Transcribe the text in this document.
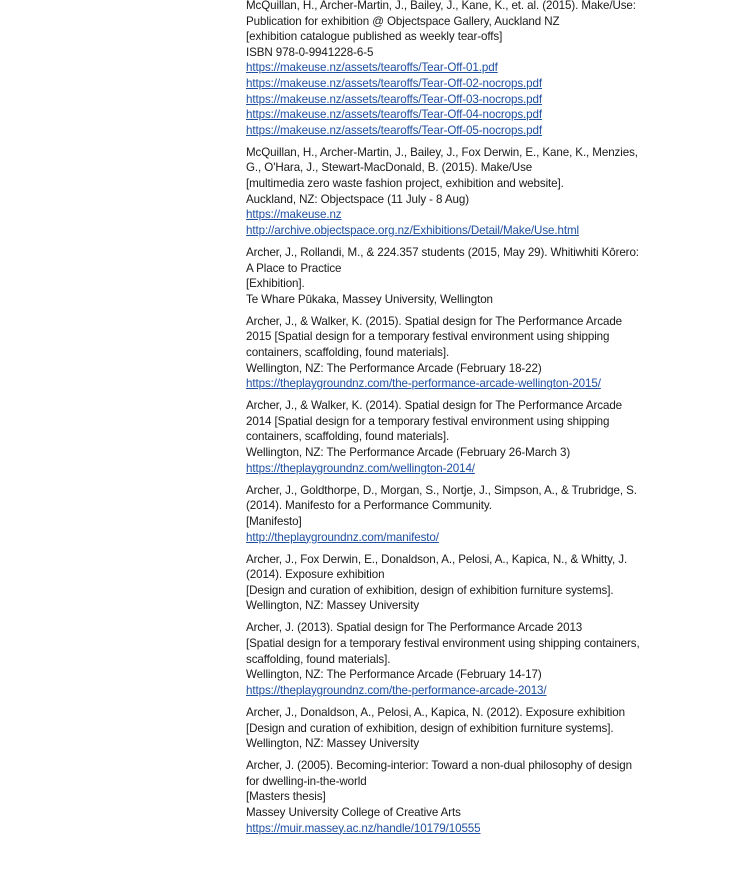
McQuillan, H., Archer-Martin, J., Bailey, J., Kane, K., et. al. (2015). Make/Use:
Publication for exhibition @ Objectspace Gallery, Auckland NZ
[exhibition catalogue published as weekly tear-offs]
ISBN 978-0-9941228-6-5
https://makeuse.nz/assets/tearoffs/Tear-Off-01.pdf
https://makeuse.nz/assets/tearoffs/Tear-Off-02-nocrops.pdf
https://makeuse.nz/assets/tearoffs/Tear-Off-03-nocrops.pdf
https://makeuse.nz/assets/tearoffs/Tear-Off-04-nocrops.pdf
https://makeuse.nz/assets/tearoffs/Tear-Off-05-nocrops.pdf
McQuillan, H., Archer-Martin, J., Bailey, J., Fox Derwin, E., Kane, K., Menzies,
G., O'Hara, J., Stewart-MacDonald, B. (2015). Make/Use
[multimedia zero waste fashion project, exhibition and website].
Auckland, NZ: Objectspace (11 July - 8 Aug)
https://makeuse.nz
http://archive.objectspace.org.nz/Exhibitions/Detail/Make/Use.html
Archer, J., Rollandi, M., & 224.357 students (2015, May 29). Whitiwhiti Kōrero:
A Place to Practice
[Exhibition].
Te Whare Pūkaka, Massey University, Wellington
Archer, J., & Walker, K. (2015). Spatial design for The Performance Arcade
2015 [Spatial design for a temporary festival environment using shipping
containers, scaffolding, found materials].
Wellington, NZ: The Performance Arcade (February 18-22)
https://theplaygroundnz.com/the-performance-arcade-wellington-2015/
Archer, J., & Walker, K. (2014). Spatial design for The Performance Arcade
2014 [Spatial design for a temporary festival environment using shipping
containers, scaffolding, found materials].
Wellington, NZ: The Performance Arcade (February 26-March 3)
https://theplaygroundnz.com/wellington-2014/
Archer, J., Goldthorpe, D., Morgan, S., Nortje, J., Simpson, A., & Trubridge, S.
(2014). Manifesto for a Performance Community.
[Manifesto]
http://theplaygroundnz.com/manifesto/
Archer, J., Fox Derwin, E., Donaldson, A., Pelosi, A., Kapica, N., & Whitty, J.
(2014). Exposure exhibition
[Design and curation of exhibition, design of exhibition furniture systems].
Wellington, NZ: Massey University
Archer, J. (2013). Spatial design for The Performance Arcade 2013
[Spatial design for a temporary festival environment using shipping containers,
scaffolding, found materials].
Wellington, NZ: The Performance Arcade (February 14-17)
https://theplaygroundnz.com/the-performance-arcade-2013/
Archer, J., Donaldson, A., Pelosi, A., Kapica, N. (2012). Exposure exhibition
[Design and curation of exhibition, design of exhibition furniture systems].
Wellington, NZ: Massey University
Archer, J. (2005). Becoming-interior: Toward a non-dual philosophy of design
for dwelling-in-the-world
[Masters thesis]
Massey University College of Creative Arts
https://muir.massey.ac.nz/handle/10179/10555
